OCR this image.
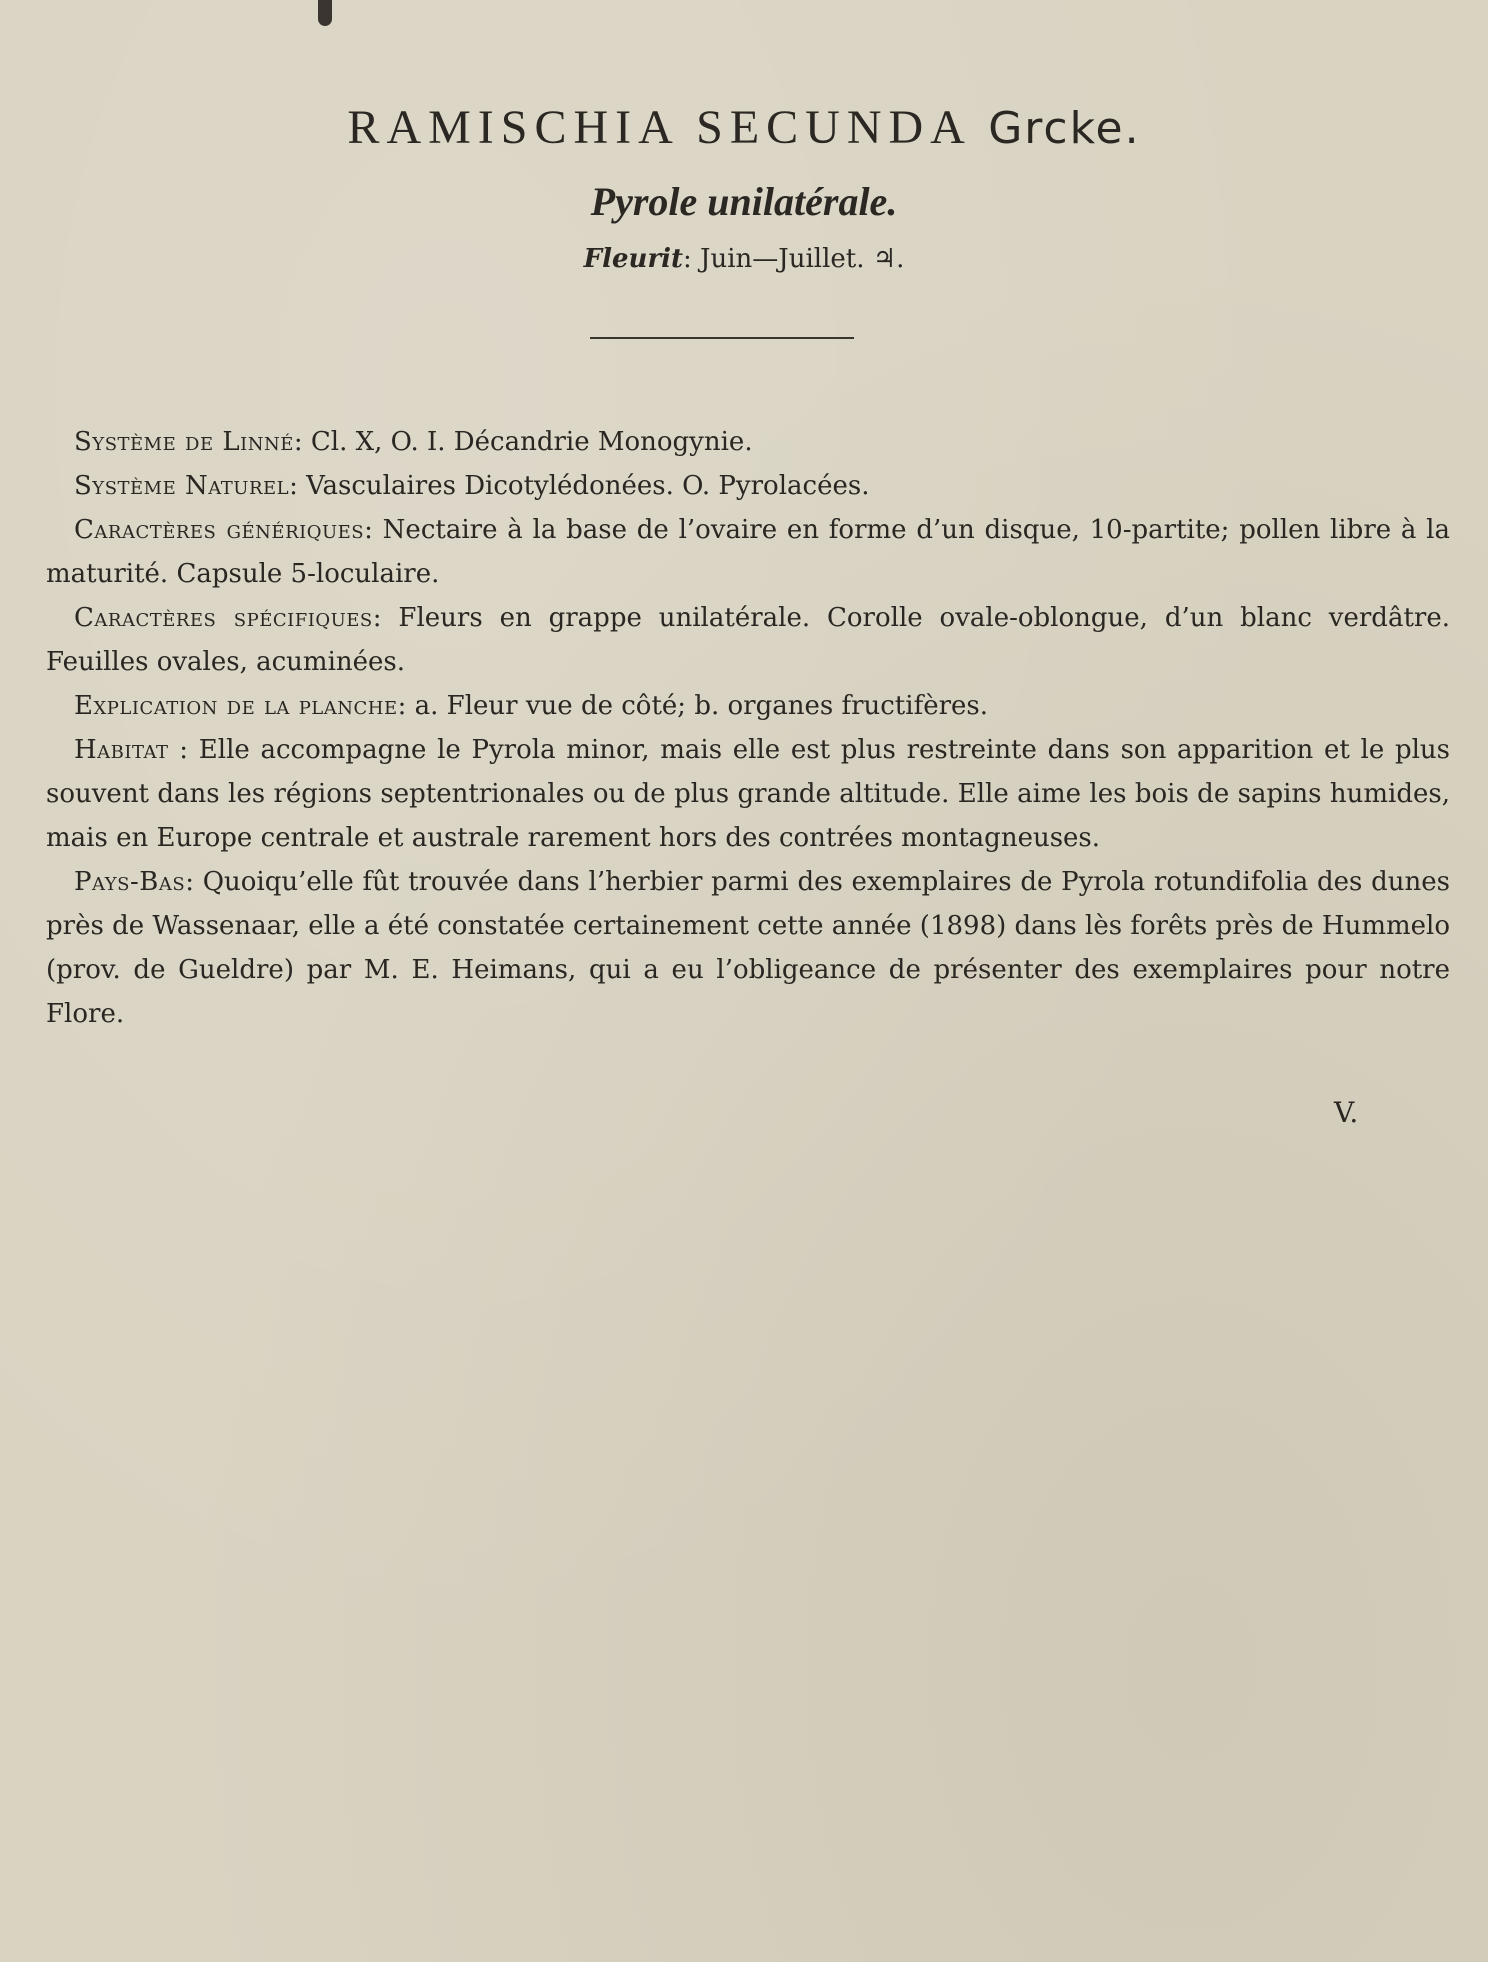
RAMISCHIA SECUNDA Grcke.
Pyrole unilatérale.
Fleurit: Juin—Juillet. ♃.

Système de Linné: Cl. X, O. I. Décandrie Monogynie.

Système Naturel: Vasculaires Dicotylédonées. O. Pyrolacées.

Caractères génériques: Nectaire à la base de l’ovaire en forme d’un disque, 10-partite; pollen libre à la maturité. Capsule 5-loculaire.

Caractères spécifiques: Fleurs en grappe unilatérale. Corolle ovale-oblongue, d’un blanc verdâtre. Feuilles ovales, acuminées.

Explication de la planche: a. Fleur vue de côté; b. organes fructifères.

Habitat : Elle accompagne le Pyrola minor, mais elle est plus restreinte dans son apparition et le plus souvent dans les régions septentrionales ou de plus grande altitude. Elle aime les bois de sapins humides, mais en Europe centrale et australe rarement hors des contrées montagneuses.

Pays-Bas: Quoiqu’elle fût trouvée dans l’herbier parmi des exemplaires de Pyrola rotundifolia des dunes près de Wassenaar, elle a été constatée certainement cette année (1898) dans lès forêts près de Hummelo (prov. de Gueldre) par M. E. Heimans, qui a eu l’obligeance de présenter des exemplaires pour notre Flore.

V.
